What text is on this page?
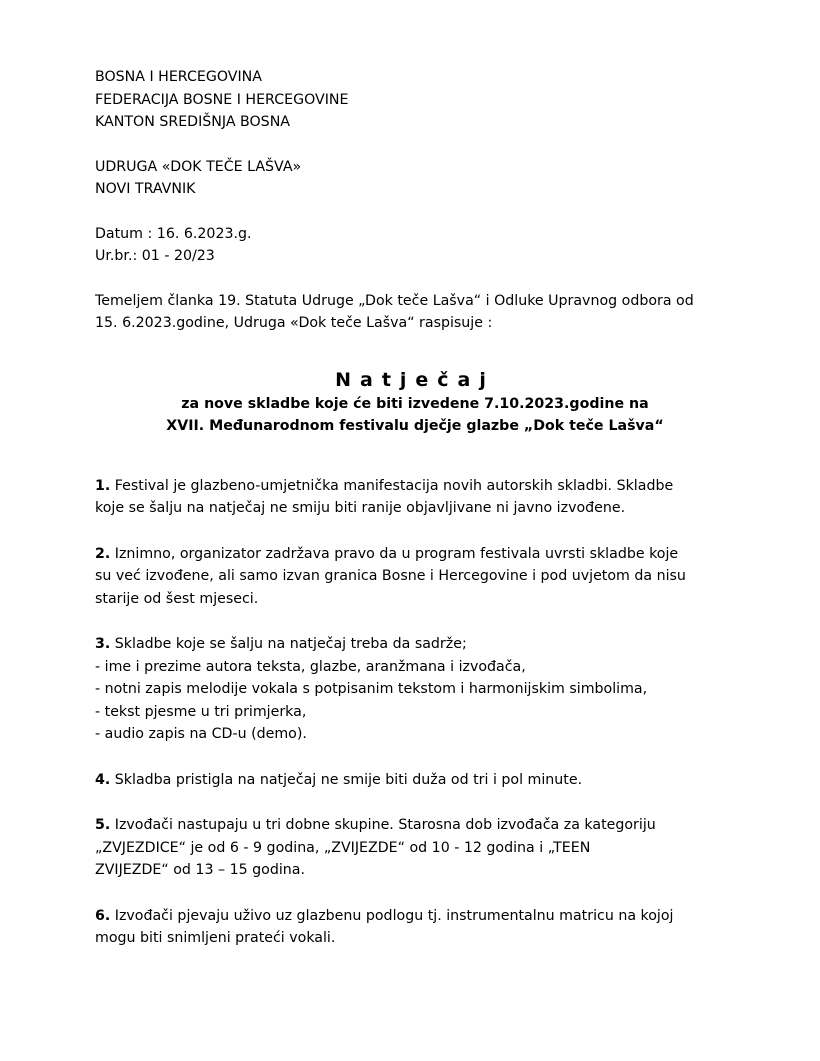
BOSNA I HERCEGOVINA
FEDERACIJA BOSNE I HERCEGOVINE
KANTON SREDIŠNJA BOSNA
UDRUGA «DOK TEČE LAŠVA»
NOVI TRAVNIK
Datum : 16. 6.2023.g.
Ur.br.: 01 - 20/23
Temeljem članka 19. Statuta Udruge „Dok teče Lašva“ i Odluke Upravnog odbora od
15. 6.2023.godine, Udruga «Dok teče Lašva“ raspisuje :
Natječaj
za nove skladbe koje će biti izvedene 7.10.2023.godine na
XVII. Međunarodnom festivalu dječje glazbe „Dok teče Lašva“
1. Festival je glazbeno-umjetnička manifestacija novih autorskih skladbi. Skladbe
koje se šalju na natječaj ne smiju biti ranije objavljivane ni javno izvođene.
2. Iznimno, organizator zadržava pravo da u program festivala uvrsti skladbe koje
su već izvođene, ali samo izvan granica Bosne i Hercegovine i pod uvjetom da nisu
starije od šest mjeseci.
3. Skladbe koje se šalju na natječaj treba da sadrže;
- ime i prezime autora teksta, glazbe, aranžmana i izvođača,
- notni zapis melodije vokala s potpisanim tekstom i harmonijskim simbolima,
- tekst pjesme u tri primjerka,
- audio zapis na CD-u (demo).
4. Skladba pristigla na natječaj ne smije biti duža od tri i pol minute.
5. Izvođači nastupaju u tri dobne skupine. Starosna dob izvođača za kategoriju
„ZVJEZDICE“ je od 6 - 9 godina, „ZVIJEZDE“ od 10 - 12 godina i „TEEN
ZVIJEZDE“ od 13 – 15 godina.
6. Izvođači pjevaju uživo uz glazbenu podlogu tj. instrumentalnu matricu na kojoj
mogu biti snimljeni prateći vokali.
